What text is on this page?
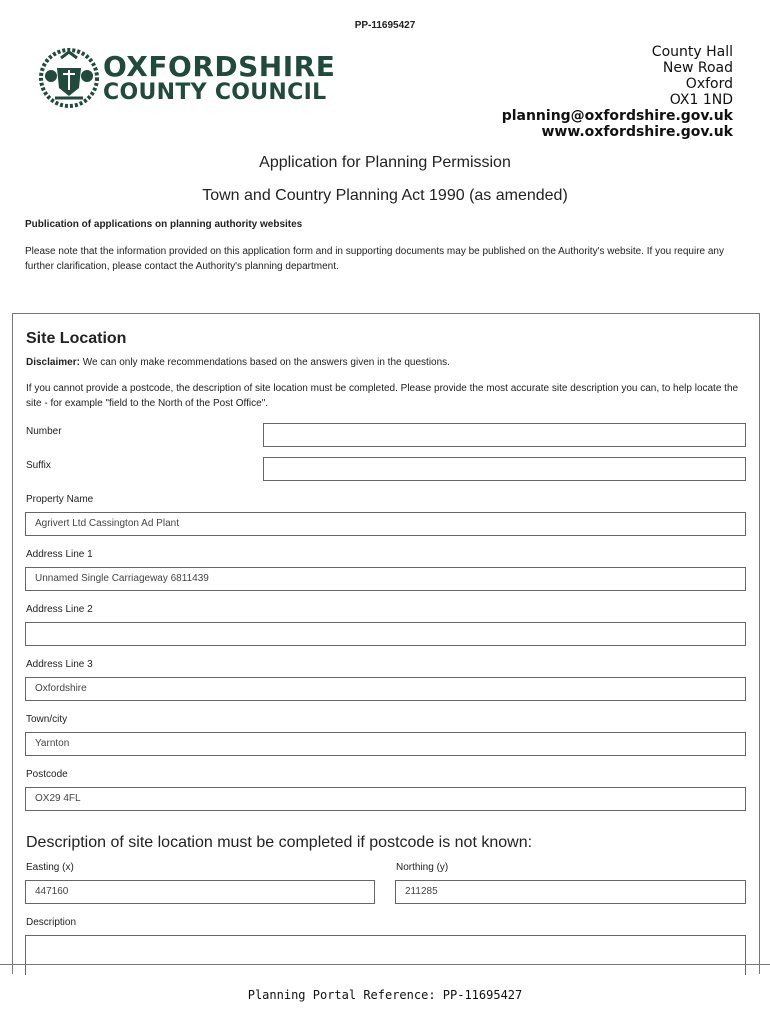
PP-11695427
OXFORDSHIRE
COUNTY COUNCIL
County Hall
New Road
Oxford
OX1 1ND
planning@oxfordshire.gov.uk
www.oxfordshire.gov.uk
Application for Planning Permission
Town and Country Planning Act 1990 (as amended)
Publication of applications on planning authority websites
Please note that the information provided on this application form and in supporting documents may be published on the Authority's website. If you require any further clarification, please contact the Authority's planning department.
Site Location
Disclaimer: We can only make recommendations based on the answers given in the questions.
If you cannot provide a postcode, the description of site location must be completed. Please provide the most accurate site description you can, to help locate the site - for example "field to the North of the Post Office".
Number
Suffix
Property Name
Agrivert Ltd Cassington Ad Plant
Address Line 1
Unnamed Single Carriageway 6811439
Address Line 2
Address Line 3
Oxfordshire
Town/city
Yarnton
Postcode
OX29 4FL
Description of site location must be completed if postcode is not known:
Easting (x)
447160
Northing (y)
211285
Description
Planning Portal Reference: PP-11695427
